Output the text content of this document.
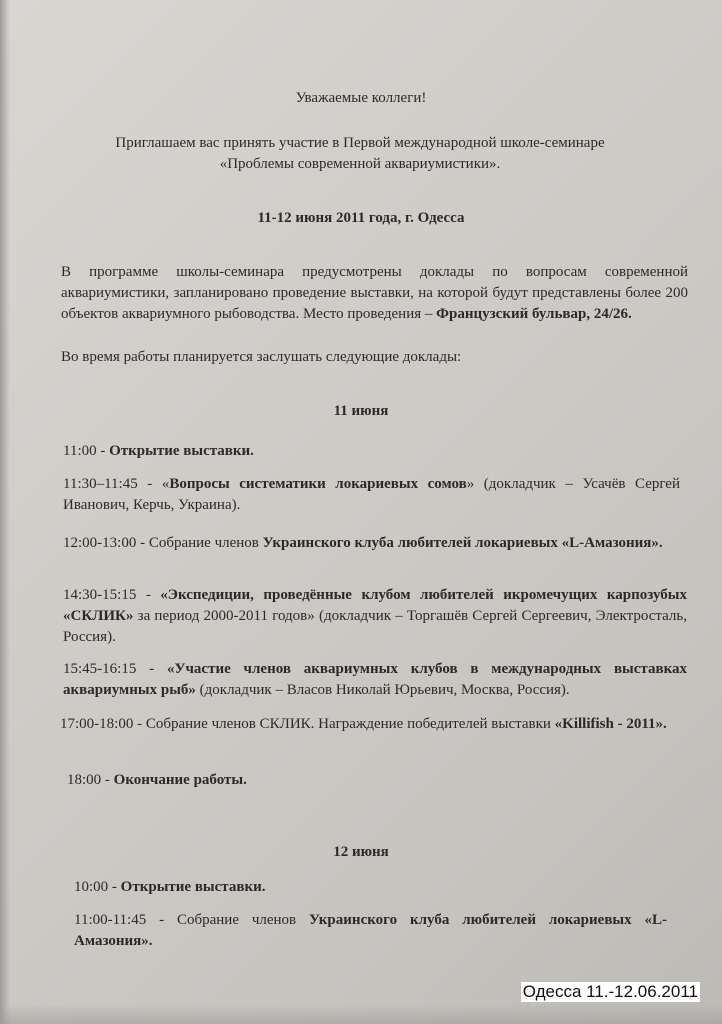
Уважаемые коллеги!
Приглашаем вас принять участие в Первой международной школе-семинаре
«Проблемы современной аквариумистики».
11-12 июня 2011 года, г. Одесса
В программе школы-семинара предусмотрены доклады по вопросам современной аквариумистики, запланировано проведение выставки, на которой будут представлены более 200 объектов аквариумного рыбоводства. Место проведения – Французский бульвар, 24/26.
Во время работы планируется заслушать следующие доклады:
11 июня
11:00 - Открытие выставки.
11:30–11:45 - «Вопросы систематики локариевых сомов» (докладчик – Усачёв Сергей Иванович, Керчь, Украина).
12:00-13:00 - Собрание членов Украинского клуба любителей локариевых «L-Амазония».
14:30-15:15 - «Экспедиции, проведённые клубом любителей икромечущих карпозубых «СКЛИК» за период 2000-2011 годов» (докладчик – Торгашёв Сергей Сергеевич, Электросталь, Россия).
15:45-16:15 - «Участие членов аквариумных клубов в международных выставках аквариумных рыб» (докладчик – Власов Николай Юрьевич, Москва, Россия).
17:00-18:00 - Собрание членов СКЛИК. Награждение победителей выставки «Killifish - 2011».
18:00 - Окончание работы.
12 июня
10:00 - Открытие выставки.
11:00-11:45 - Собрание членов Украинского клуба любителей локариевых «L-Амазония».
Одесса 11.-12.06.2011
